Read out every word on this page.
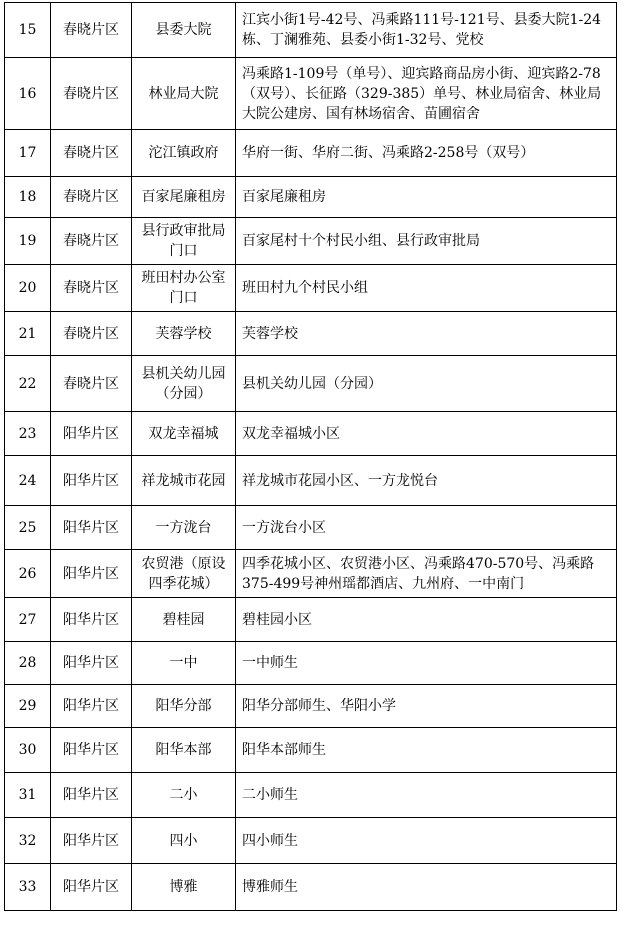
15	春晓片区	县委大院	江宾小街1号-42号、冯乘路111号-121号、县委大院1-24栋、丁澜雅苑、县委小街1-32号、党校
16	春晓片区	林业局大院	冯乘路1-109号（单号）、迎宾路商品房小街、迎宾路2-78（双号）、长征路（329-385）单号、林业局宿舍、林业局大院公建房、国有林场宿舍、苗圃宿舍
17	春晓片区	沱江镇政府	华府一街、华府二街、冯乘路2-258号（双号）
18	春晓片区	百家尾廉租房	百家尾廉租房
19	春晓片区	县行政审批局门口	百家尾村十个村民小组、县行政审批局
20	春晓片区	班田村办公室门口	班田村九个村民小组
21	春晓片区	芙蓉学校	芙蓉学校
22	春晓片区	县机关幼儿园（分园）	县机关幼儿园（分园）
23	阳华片区	双龙幸福城	双龙幸福城小区
24	阳华片区	祥龙城市花园	祥龙城市花园小区、一方龙悦台
25	阳华片区	一方泷台	一方泷台小区
26	阳华片区	农贸港（原设四季花城）	四季花城小区、农贸港小区、冯乘路470-570号、冯乘路375-499号神州瑶都酒店、九州府、一中南门
27	阳华片区	碧桂园	碧桂园小区
28	阳华片区	一中	一中师生
29	阳华片区	阳华分部	阳华分部师生、华阳小学
30	阳华片区	阳华本部	阳华本部师生
31	阳华片区	二小	二小师生
32	阳华片区	四小	四小师生
33	阳华片区	博雅	博雅师生
